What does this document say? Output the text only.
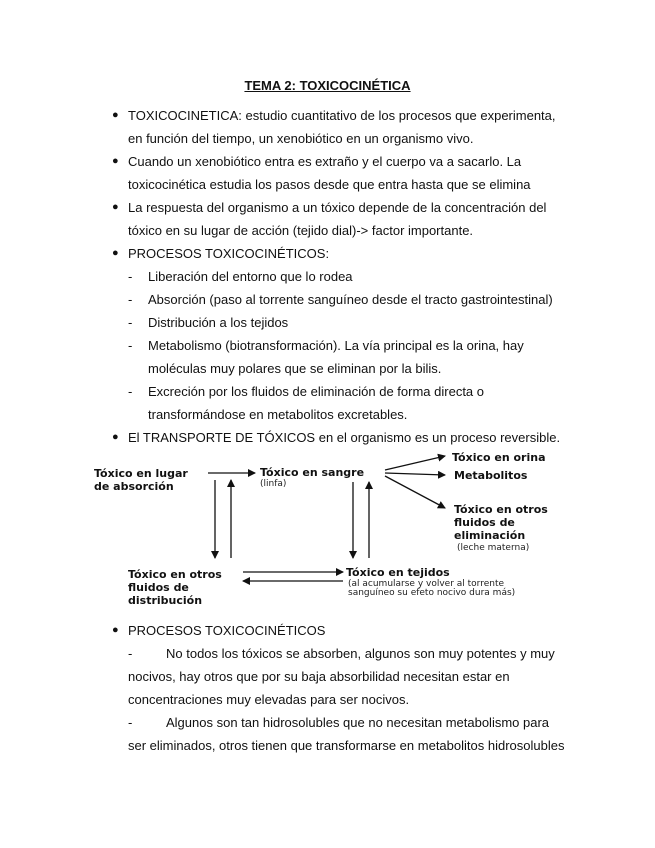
TEMA 2: TOXICOCINÉTICA
● TOXICOCINETICA: estudio cuantitativo de los procesos que experimenta,
en función del tiempo, un xenobiótico en un organismo vivo.
● Cuando un xenobiótico entra es extraño y el cuerpo va a sacarlo. La
toxicocinética estudia los pasos desde que entra hasta que se elimina
● La respuesta del organismo a un tóxico depende de la concentración del
tóxico en su lugar de acción (tejido dial)-> factor importante.
● PROCESOS TOXICOCINÉTICOS:
- Liberación del entorno que lo rodea
- Absorción (paso al torrente sanguíneo desde el tracto gastrointestinal)
- Distribución a los tejidos
- Metabolismo (biotransformación). La vía principal es la orina, hay
moléculas muy polares que se eliminan por la bilis.
- Excreción por los fluidos de eliminación de forma directa o
transformándose en metabolitos excretables.
● El TRANSPORTE DE TÓXICOS en el organismo es un proceso reversible.
Tóxico en lugar
de absorción
Tóxico en sangre
(linfa)
Tóxico en orina
Metabolitos
Tóxico en otros
fluidos de
eliminación
(leche materna)
Tóxico en otros
fluidos de
distribución
Tóxico en tejidos
(al acumularse y volver al torrente
sanguíneo su efeto nocivo dura más)
● PROCESOS TOXICOCINÉTICOS
-	No todos los tóxicos se absorben, algunos son muy potentes y muy
nocivos, hay otros que por su baja absorbilidad necesitan estar en
concentraciones muy elevadas para ser nocivos.
-	Algunos son tan hidrosolubles que no necesitan metabolismo para
ser eliminados, otros tienen que transformarse en metabolitos hidrosolubles
